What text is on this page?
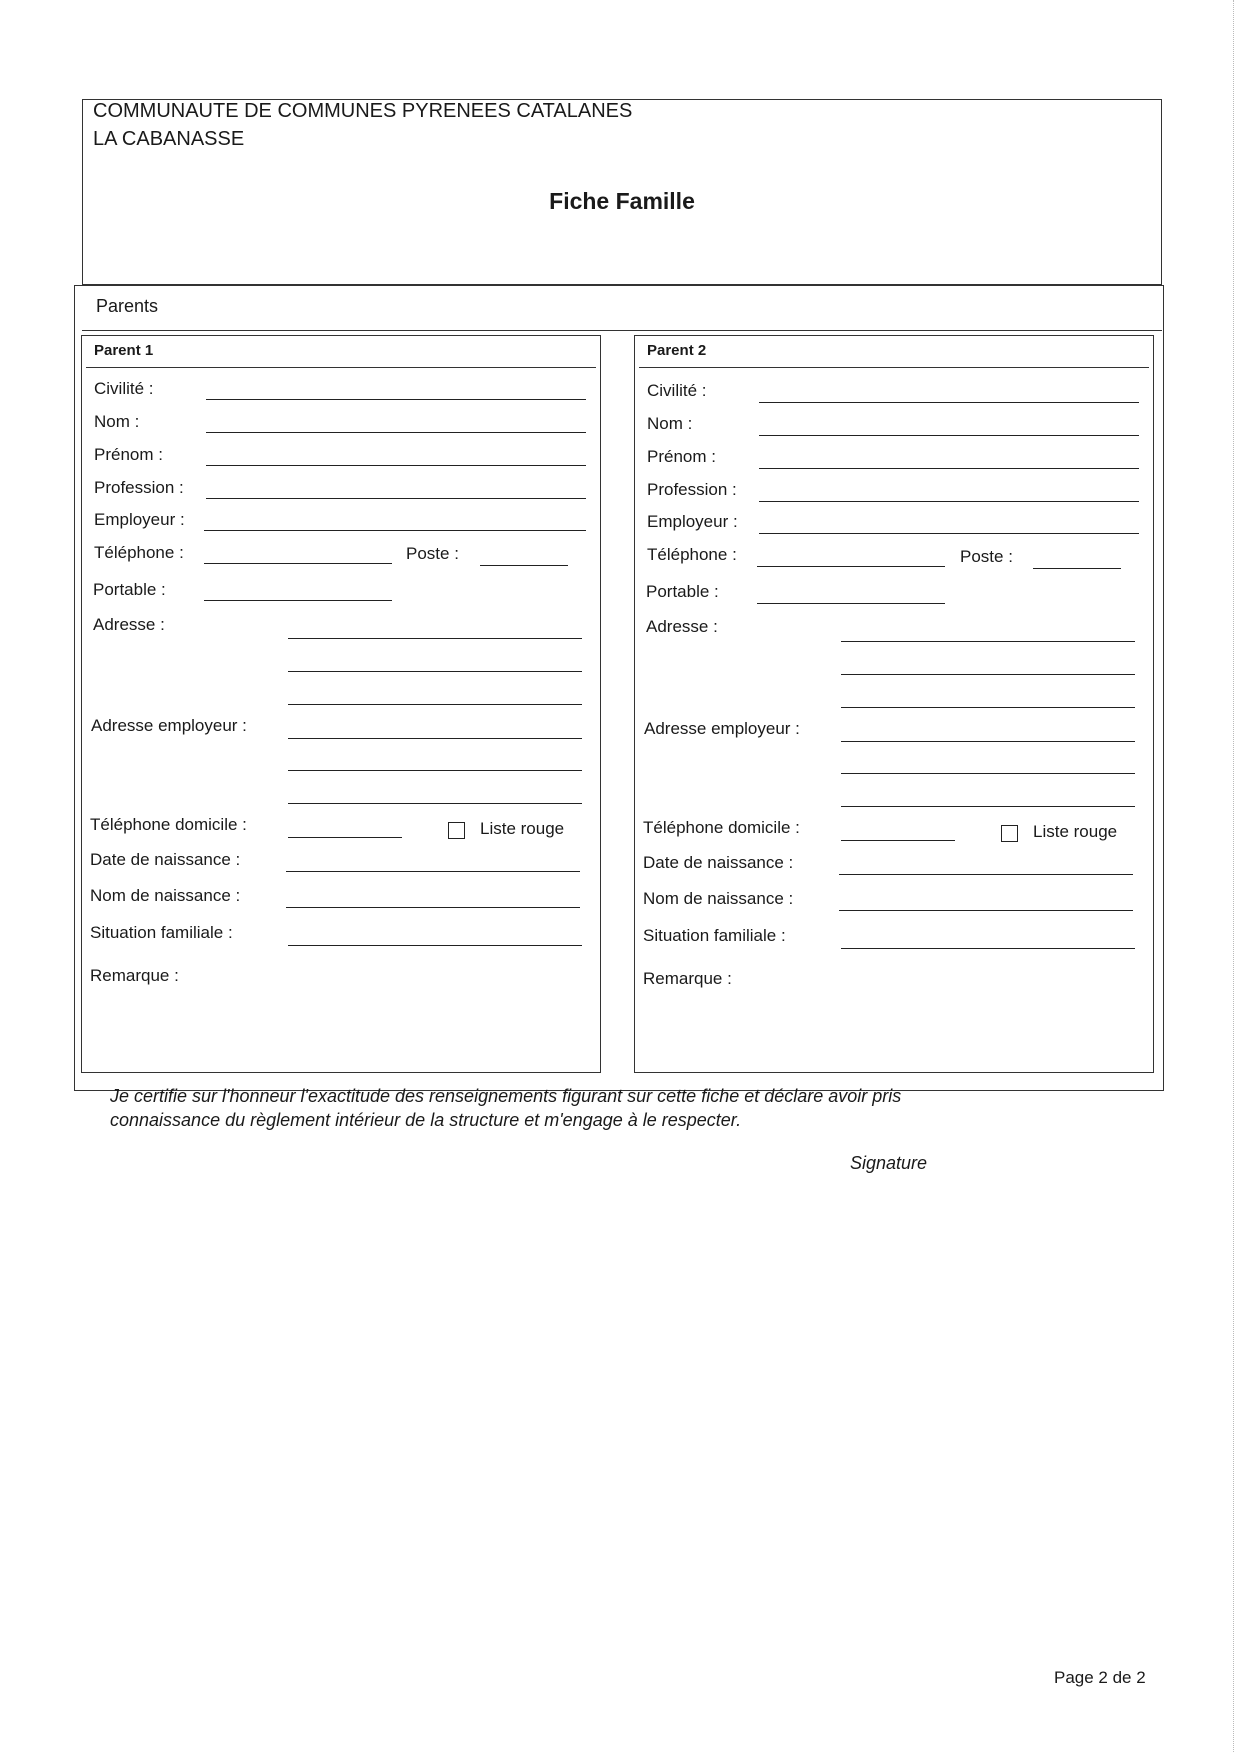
COMMUNAUTE DE COMMUNES PYRENEES CATALANES
LA CABANASSE
Fiche Famille
Parents
Parent 1
Civilité :
Nom :
Prénom :
Profession :
Employeur :
Téléphone :	Poste :
Portable :
Adresse :
Adresse employeur :
Téléphone domicile :	Liste rouge
Date de naissance :
Nom de naissance :
Situation familiale :
Remarque :
Parent 2
Civilité :
Nom :
Prénom :
Profession :
Employeur :
Téléphone :	Poste :
Portable :
Adresse :
Adresse employeur :
Téléphone domicile :	Liste rouge
Date de naissance :
Nom de naissance :
Situation familiale :
Remarque :
Je certifie sur l'honneur l'exactitude des renseignements figurant sur cette fiche et déclare avoir pris
connaissance du règlement intérieur de la structure et m'engage à le respecter.
Signature
Page 2 de 2
